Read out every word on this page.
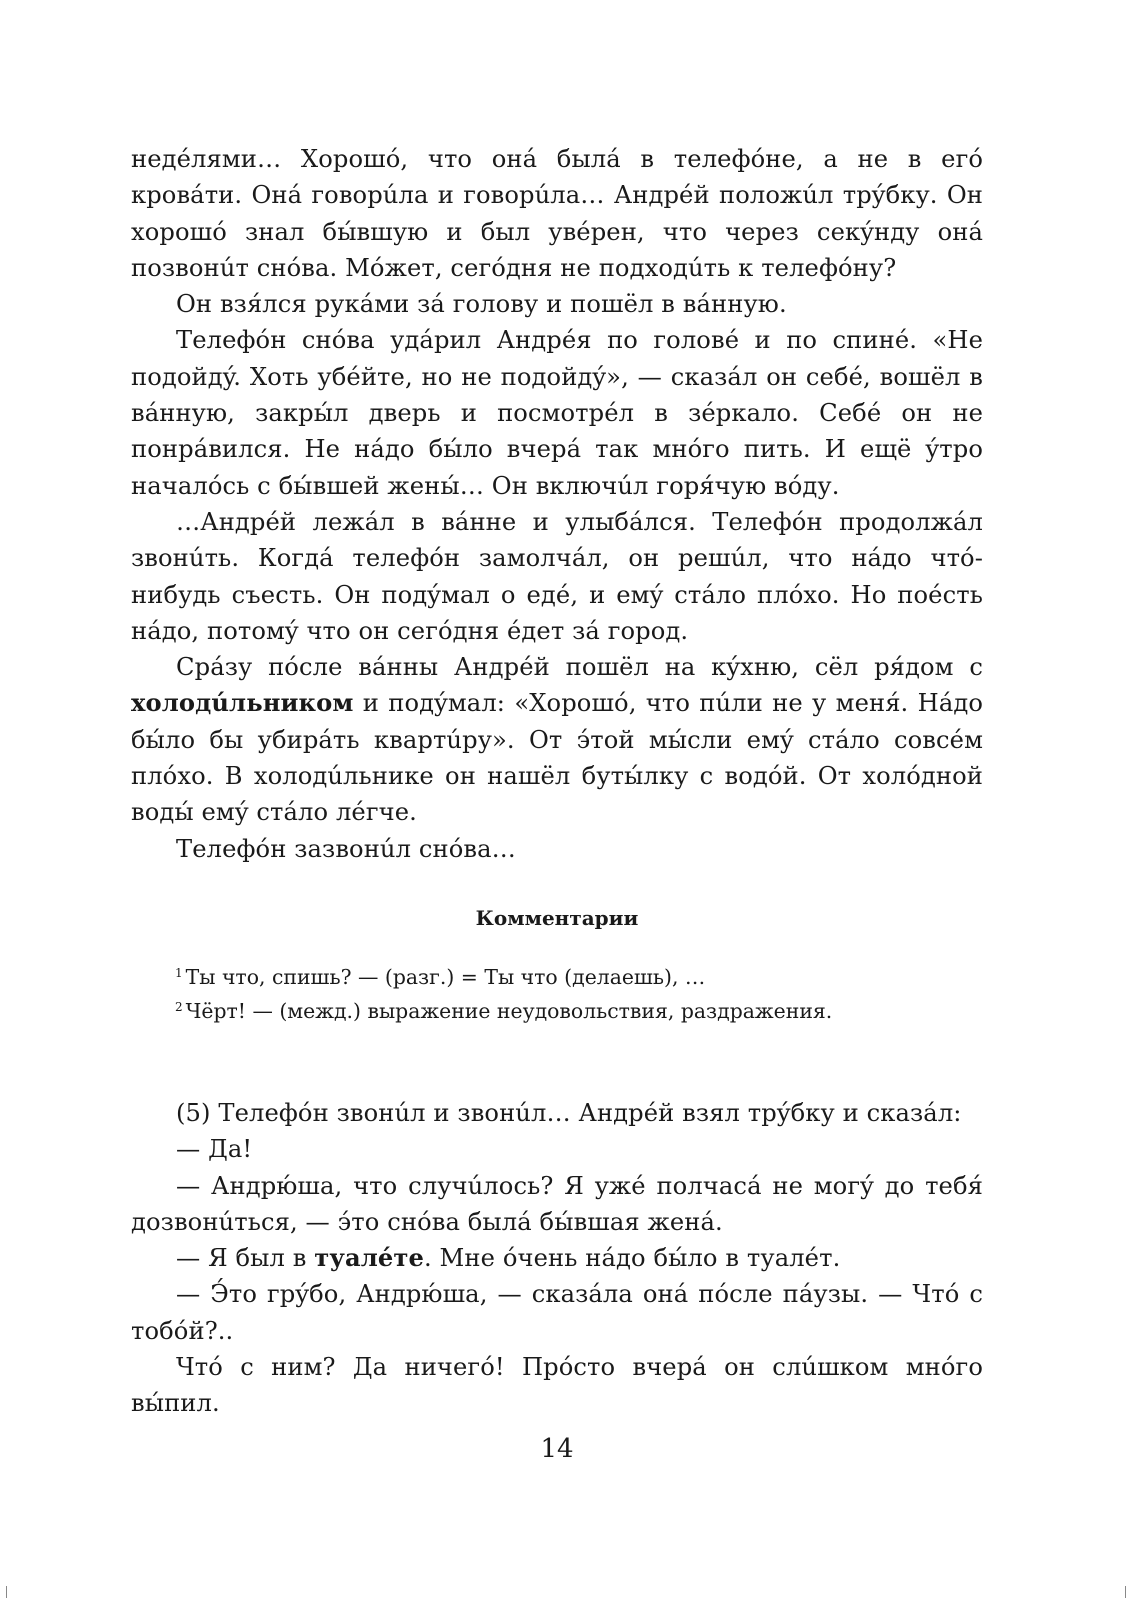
недéлями… Хорошó, что онá былá в телефóне, а не в егó кровáти. Онá говорúла и говорúла… Андрéй положúл трýбку. Он хорошó знал бы́вшую и был увéрен, что через секýнду онá позвонúт снóва. Мóжет, сегóдня не подходúть к телефóну?

Он взя́лся рукáми зá голову и пошёл в вáнную.

Телефóн снóва удáрил Андрéя по головé и по спинé. «Не подойдý. Хоть убéйте, но не подойдý», — сказáл он себé, вошёл в вáнную, закры́л дверь и посмотрéл в зéркало. Себé он не понрáвился. Не нáдо бы́ло вчерá так мнóго пить. И ещё ýтро началóсь с бы́вшей жены́… Он включúл горя́чую вóду.

…Андрéй лежáл в вáнне и улыбáлся. Телефóн продолжáл звонúть. Когдá телефóн замолчáл, он решúл, что нáдо чтó-нибудь съесть. Он подýмал о едé, и емý стáло плóхо. Но поéсть нáдо, потомý что он сегóдня éдет зá город.

Срáзу пóсле вáнны Андрéй пошёл на кýхню, сёл ря́дом с холодúльником и подýмал: «Хорошó, что пúли не у меня́. Нáдо бы́ло бы убирáть квартúру». От э́той мы́сли емý стáло совсéм плóхо. В холодúльнике он нашёл буты́лку с водóй. От холóдной воды́ емý стáло лéгче.

Телефóн зазвонúл снóва…

Комментарии

$^1$ Ты что, спишь? — (разг.) = Ты что (делаешь), …

$^2$ Чёрт! — (межд.) выражение неудовольствия, раздражения.

(5) Телефóн звонúл и звонúл… Андрéй взял трýбку и сказáл:

— Да!

— Андрю́ша, что случúлось? Я ужé полчасá не могý до тебя́ дозвонúться, — э́то снóва былá бы́вшая женá.

— Я был в туалéте. Мне óчень нáдо бы́ло в туалéт.

— Э́то грýбо, Андрю́ша, — сказáла онá пóсле пáузы. — Чтó с тобóй?..

Чтó с ним? Да ничегó! Прóсто вчерá он слúшком мнóго вы́пил.

14
